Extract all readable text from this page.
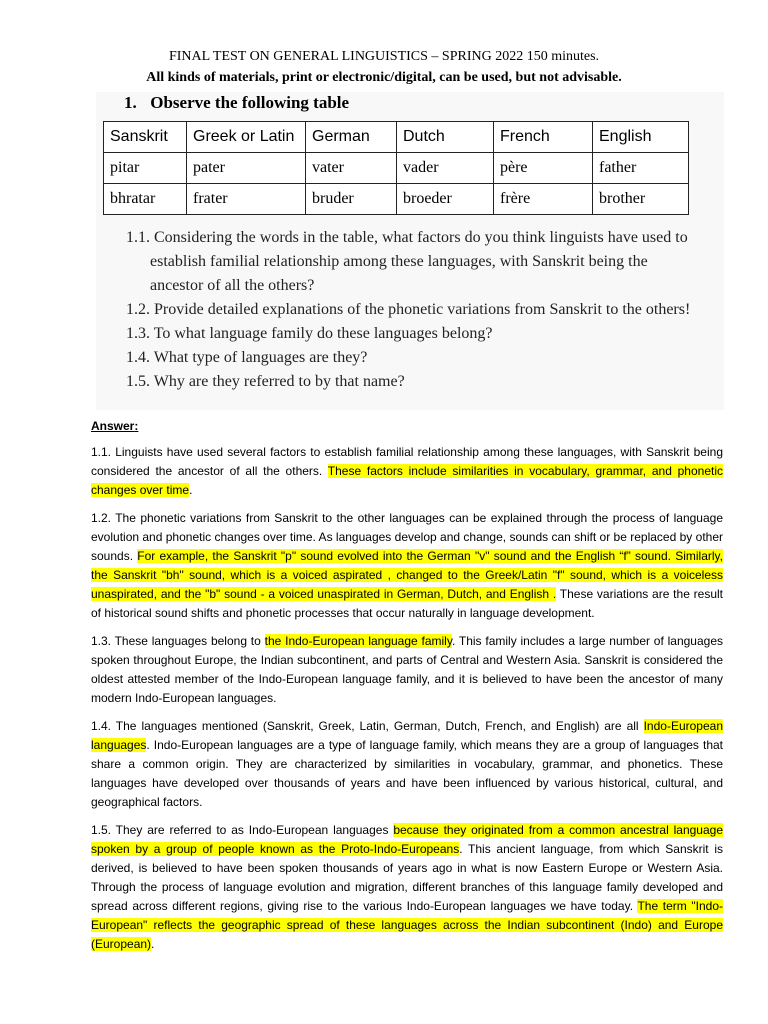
FINAL TEST ON GENERAL LINGUISTICS – SPRING 2022 150 minutes.
All kinds of materials, print or electronic/digital, can be used, but not advisable.
1. Observe the following table
Sanskrit	Greek or Latin	German	Dutch	French	English
pitar	pater	vater	vader	père	father
bhratar	frater	bruder	broeder	frère	brother
1.1. Considering the words in the table, what factors do you think linguists have used to establish familial relationship among these languages, with Sanskrit being the ancestor of all the others?
1.2. Provide detailed explanations of the phonetic variations from Sanskrit to the others!
1.3. To what language family do these languages belong?
1.4. What type of languages are they?
1.5. Why are they referred to by that name?

Answer:

1.1. Linguists have used several factors to establish familial relationship among these languages, with Sanskrit being considered the ancestor of all the others. These factors include similarities in vocabulary, grammar, and phonetic changes over time.

1.2. The phonetic variations from Sanskrit to the other languages can be explained through the process of language evolution and phonetic changes over time. As languages develop and change, sounds can shift or be replaced by other sounds. For example, the Sanskrit "p" sound evolved into the German "v" sound and the English “f” sound. Similarly, the Sanskrit "bh" sound, which is a voiced aspirated , changed to the Greek/Latin "f" sound, which is a voiceless unaspirated, and the "b" sound - a voiced unaspirated in German, Dutch, and English . These variations are the result of historical sound shifts and phonetic processes that occur naturally in language development.

1.3. These languages belong to the Indo-European language family. This family includes a large number of languages spoken throughout Europe, the Indian subcontinent, and parts of Central and Western Asia. Sanskrit is considered the oldest attested member of the Indo-European language family, and it is believed to have been the ancestor of many modern Indo-European languages.

1.4. The languages mentioned (Sanskrit, Greek, Latin, German, Dutch, French, and English) are all Indo-European languages. Indo-European languages are a type of language family, which means they are a group of languages that share a common origin. They are characterized by similarities in vocabulary, grammar, and phonetics. These languages have developed over thousands of years and have been influenced by various historical, cultural, and geographical factors.

1.5. They are referred to as Indo-European languages because they originated from a common ancestral language spoken by a group of people known as the Proto-Indo-Europeans. This ancient language, from which Sanskrit is derived, is believed to have been spoken thousands of years ago in what is now Eastern Europe or Western Asia. Through the process of language evolution and migration, different branches of this language family developed and spread across different regions, giving rise to the various Indo-European languages we have today. The term "Indo-European" reflects the geographic spread of these languages across the Indian subcontinent (Indo) and Europe (European).
